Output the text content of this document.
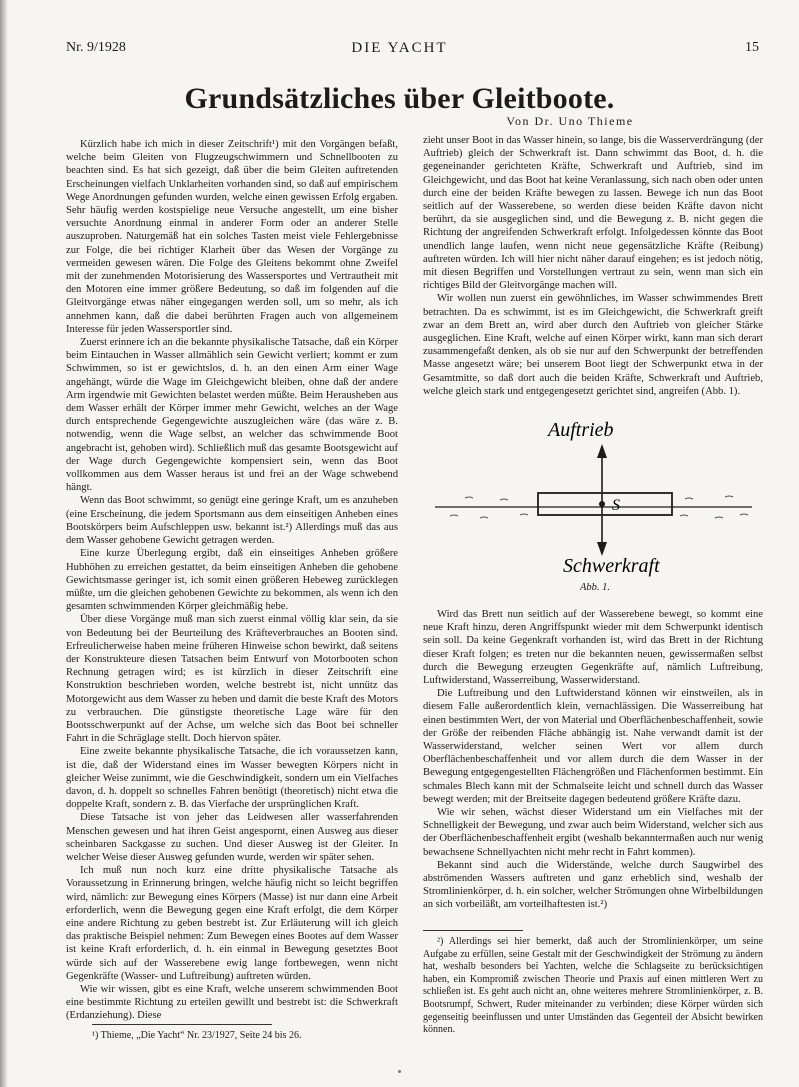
Nr. 9/1928	DIE YACHT	15
Grundsätzliches über Gleitboote.
Von Dr. Uno Thieme

Kürzlich habe ich mich in dieser Zeitschrift¹) mit den Vorgängen befaßt, welche beim Gleiten von Flugzeugschwimmern und Schnellbooten zu beachten sind. Es hat sich gezeigt, daß über die beim Gleiten auftretenden Erscheinungen vielfach Unklarheiten vorhanden sind, so daß auf empirischem Wege Anordnungen gefunden wurden, welche einen gewissen Erfolg ergaben. Sehr häufig werden kostspielige neue Versuche angestellt, um eine bisher versuchte Anordnung einmal in anderer Form oder an anderer Stelle auszuproben. Naturgemäß hat ein solches Tasten meist viele Fehlergebnisse zur Folge, die bei richtiger Klarheit über das Wesen der Vorgänge zu vermeiden gewesen wären. Die Folge des Gleitens bekommt ohne Zweifel mit der zunehmenden Motorisierung des Wassersportes und Vertrautheit mit den Motoren eine immer größere Bedeutung, so daß im folgenden auf die Gleitvorgänge etwas näher eingegangen werden soll, um so mehr, als ich annehmen kann, daß die dabei berührten Fragen auch von allgemeinem Interesse für jeden Wassersportler sind.

Zuerst erinnere ich an die bekannte physikalische Tatsache, daß ein Körper beim Eintauchen in Wasser allmählich sein Gewicht verliert; kommt er zum Schwimmen, so ist er gewichtslos, d. h. an den einen Arm einer Wage angehängt, würde die Wage im Gleichgewicht bleiben, ohne daß der andere Arm irgendwie mit Gewichten belastet werden müßte. Beim Herausheben aus dem Wasser erhält der Körper immer mehr Gewicht, welches an der Wage durch entsprechende Gegengewichte auszugleichen wäre (das wäre z. B. notwendig, wenn die Wage selbst, an welcher das schwimmende Boot angebracht ist, gehoben wird). Schließlich muß das gesamte Bootsgewicht auf der Wage durch Gegengewichte kompensiert sein, wenn das Boot vollkommen aus dem Wasser heraus ist und frei an der Wage schwebend hängt.

Wenn das Boot schwimmt, so genügt eine geringe Kraft, um es anzuheben (eine Erscheinung, die jedem Sportsmann aus dem einseitigen Anheben eines Bootskörpers beim Aufschleppen usw. bekannt ist.²) Allerdings muß das aus dem Wasser gehobene Gewicht getragen werden.

Eine kurze Überlegung ergibt, daß ein einseitiges Anheben größere Hubhöhen zu erreichen gestattet, da beim einseitigen Anheben die gehobene Gewichtsmasse geringer ist, ich somit einen größeren Hebeweg zurücklegen müßte, um die gleichen gehobenen Gewichte zu bekommen, als wenn ich den gesamten schwimmenden Körper gleichmäßig hebe.

Über diese Vorgänge muß man sich zuerst einmal völlig klar sein, da sie von Bedeutung bei der Beurteilung des Kräfteverbrauches an Booten sind. Erfreulicherweise haben meine früheren Hinweise schon bewirkt, daß seitens der Konstrukteure diesen Tatsachen beim Entwurf von Motorbooten schon Rechnung getragen wird; es ist kürzlich in dieser Zeitschrift eine Konstruktion beschrieben worden, welche bestrebt ist, nicht unnütz das Motorgewicht aus dem Wasser zu heben und damit die beste Kraft des Motors zu verbrauchen. Die günstigste theoretische Lage wäre für den Bootsschwerpunkt auf der Achse, um welche sich das Boot bei schneller Fahrt in die Schräglage stellt. Doch hiervon später.

Eine zweite bekannte physikalische Tatsache, die ich voraussetzen kann, ist die, daß der Widerstand eines im Wasser bewegten Körpers nicht in gleicher Weise zunimmt, wie die Geschwindigkeit, sondern um ein Vielfaches davon, d. h. doppelt so schnelles Fahren benötigt (theoretisch) nicht etwa die doppelte Kraft, sondern z. B. das Vierfache der ursprünglichen Kraft.

Diese Tatsache ist von jeher das Leidwesen aller wasserfahrenden Menschen gewesen und hat ihren Geist angespornt, einen Ausweg aus dieser scheinbaren Sackgasse zu suchen. Und dieser Ausweg ist der Gleiter. In welcher Weise dieser Ausweg gefunden wurde, werden wir später sehen.

Ich muß nun noch kurz eine dritte physikalische Tatsache als Voraussetzung in Erinnerung bringen, welche häufig nicht so leicht begriffen wird, nämlich: zur Bewegung eines Körpers (Masse) ist nur dann eine Arbeit erforderlich, wenn die Bewegung gegen eine Kraft erfolgt, die dem Körper eine andere Richtung zu geben bestrebt ist. Zur Erläuterung will ich gleich das praktische Beispiel nehmen: Zum Bewegen eines Bootes auf dem Wasser ist keine Kraft erforderlich, d. h. ein einmal in Bewegung gesetztes Boot würde sich auf der Wasserebene ewig lange fortbewegen, wenn nicht Gegenkräfte (Wasser- und Luftreibung) auftreten würden.

Wie wir wissen, gibt es eine Kraft, welche unserem schwimmenden Boot eine bestimmte Richtung zu erteilen gewillt und bestrebt ist: die Schwerkraft (Erdanziehung). Diese

¹) Thieme, „Die Yacht“ Nr. 23/1927, Seite 24 bis 26.

zieht unser Boot in das Wasser hinein, so lange, bis die Wasserverdrängung (der Auftrieb) gleich der Schwerkraft ist. Dann schwimmt das Boot, d. h. die gegeneinander gerichteten Kräfte, Schwerkraft und Auftrieb, sind im Gleichgewicht, und das Boot hat keine Veranlassung, sich nach oben oder unten durch eine der beiden Kräfte bewegen zu lassen. Bewege ich nun das Boot seitlich auf der Wasserebene, so werden diese beiden Kräfte davon nicht berührt, da sie ausgeglichen sind, und die Bewegung z. B. nicht gegen die Richtung der angreifenden Schwerkraft erfolgt. Infolgedessen könnte das Boot unendlich lange laufen, wenn nicht neue gegensätzliche Kräfte (Reibung) auftreten würden. Ich will hier nicht näher darauf eingehen; es ist jedoch nötig, mit diesen Begriffen und Vorstellungen vertraut zu sein, wenn man sich ein richtiges Bild der Gleitvorgänge machen will.

Wir wollen nun zuerst ein gewöhnliches, im Wasser schwimmendes Brett betrachten. Da es schwimmt, ist es im Gleichgewicht, die Schwerkraft greift zwar an dem Brett an, wird aber durch den Auftrieb von gleicher Stärke ausgeglichen. Eine Kraft, welche auf einen Körper wirkt, kann man sich derart zusammengefaßt denken, als ob sie nur auf den Schwerpunkt der betreffenden Masse angesetzt wäre; bei unserem Boot liegt der Schwerpunkt etwa in der Gesamtmitte, so daß dort auch die beiden Kräfte, Schwerkraft und Auftrieb, welche gleich stark und entgegengesetzt gerichtet sind, angreifen (Abb. 1).

Auftrieb
S
Schwerkraft
Abb. 1.

Wird das Brett nun seitlich auf der Wasserebene bewegt, so kommt eine neue Kraft hinzu, deren Angriffspunkt wieder mit dem Schwerpunkt identisch sein soll. Da keine Gegenkraft vorhanden ist, wird das Brett in der Richtung dieser Kraft folgen; es treten nur die bekannten neuen, gewissermaßen selbst durch die Bewegung erzeugten Gegenkräfte auf, nämlich Luftreibung, Luftwiderstand, Wasserreibung, Wasserwiderstand.

Die Luftreibung und den Luftwiderstand können wir einstweilen, als in diesem Falle außerordentlich klein, vernachlässigen. Die Wasserreibung hat einen bestimmten Wert, der von Material und Oberflächenbeschaffenheit, sowie der Größe der reibenden Fläche abhängig ist. Nahe verwandt damit ist der Wasserwiderstand, welcher seinen Wert vor allem durch Oberflächenbeschaffenheit und vor allem durch die dem Wasser in der Bewegung entgegengestellten Flächengrößen und Flächenformen bestimmt. Ein schmales Blech kann mit der Schmalseite leicht und schnell durch das Wasser bewegt werden; mit der Breitseite dagegen bedeutend größere Kräfte dazu.

Wie wir sehen, wächst dieser Widerstand um ein Vielfaches mit der Schnelligkeit der Bewegung, und zwar auch beim Widerstand, welcher sich aus der Oberflächenbeschaffenheit ergibt (weshalb bekanntermaßen auch nur wenig bewachsene Schnellyachten nicht mehr recht in Fahrt kommen).

Bekannt sind auch die Widerstände, welche durch Saugwirbel des abströmenden Wassers auftreten und ganz erheblich sind, weshalb der Stromlinienkörper, d. h. ein solcher, welcher Strömungen ohne Wirbelbildungen an sich vorbeiläßt, am vorteilhaftesten ist.²)

²) Allerdings sei hier bemerkt, daß auch der Stromlinienkörper, um seine Aufgabe zu erfüllen, seine Gestalt mit der Geschwindigkeit der Strömung zu ändern hat, weshalb besonders bei Yachten, welche die Schlagseite zu berücksichtigen haben, ein Kompromiß zwischen Theorie und Praxis auf einen mittleren Wert zu schließen ist. Es geht auch nicht an, ohne weiteres mehrere Stromlinienkörper, z. B. Bootsrumpf, Schwert, Ruder miteinander zu verbinden; diese Körper würden sich gegenseitig beeinflussen und unter Umständen das Gegenteil der Absicht bewirken können.
